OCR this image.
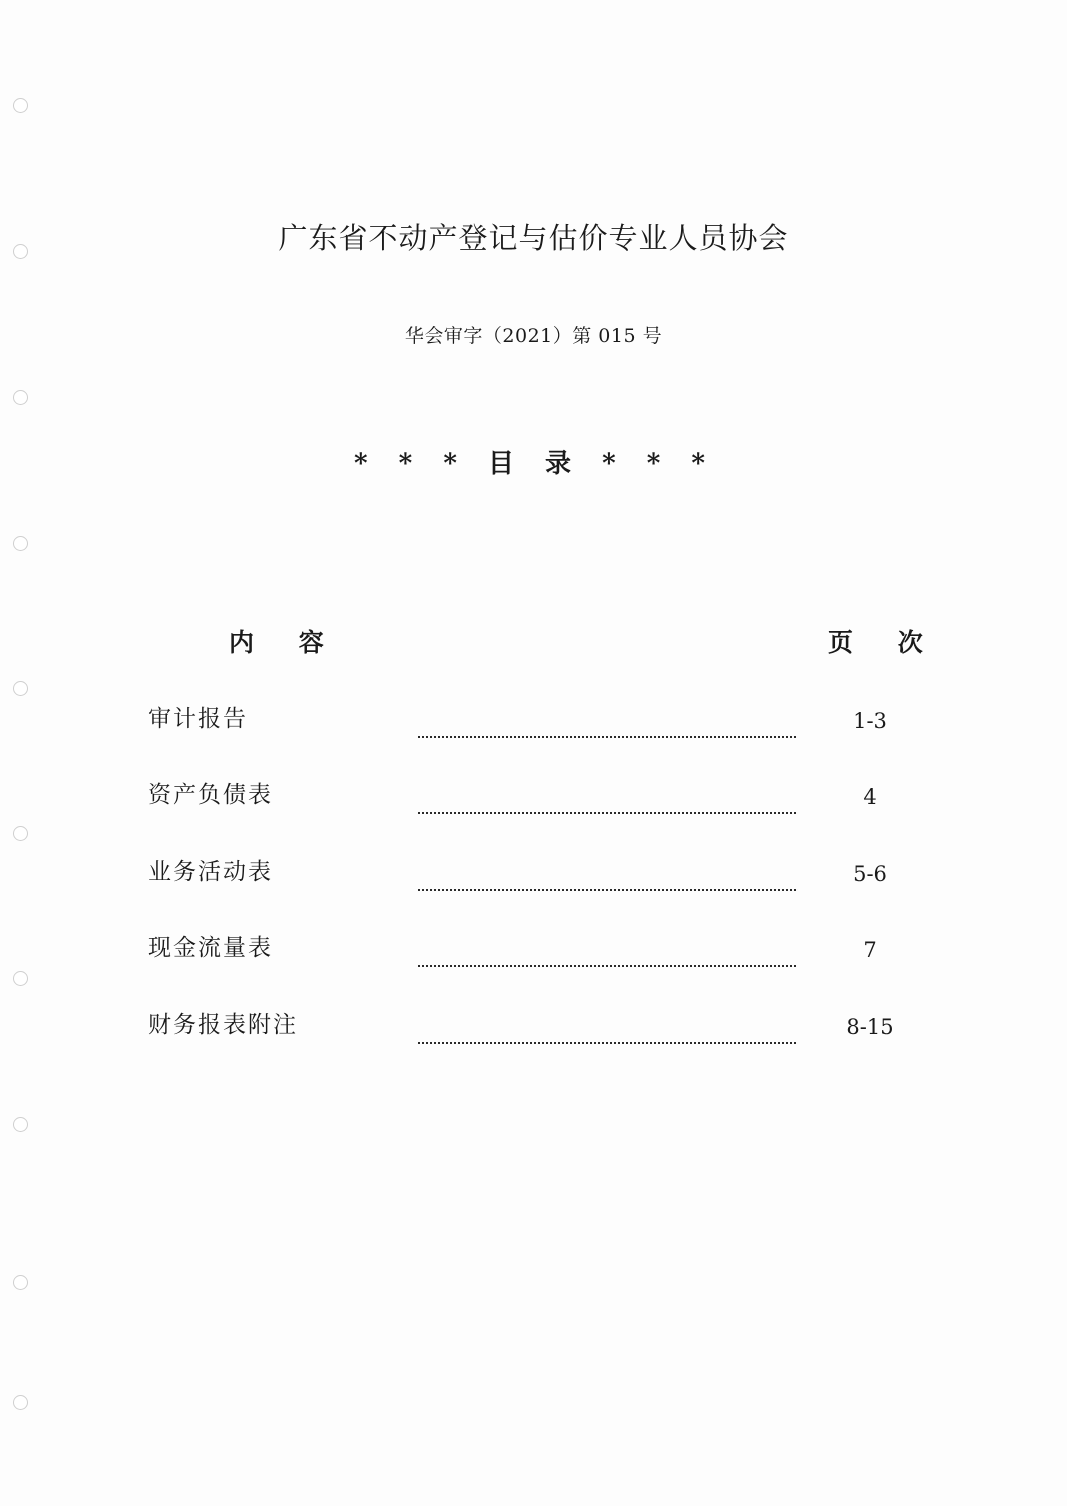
广东省不动产登记与估价专业人员协会
华会审字（2021）第 015 号
* * * 目 录 * * *
内 容	页 次
审计报告	1-3
资产负债表	4
业务活动表	5-6
现金流量表	7
财务报表附注	8-15
